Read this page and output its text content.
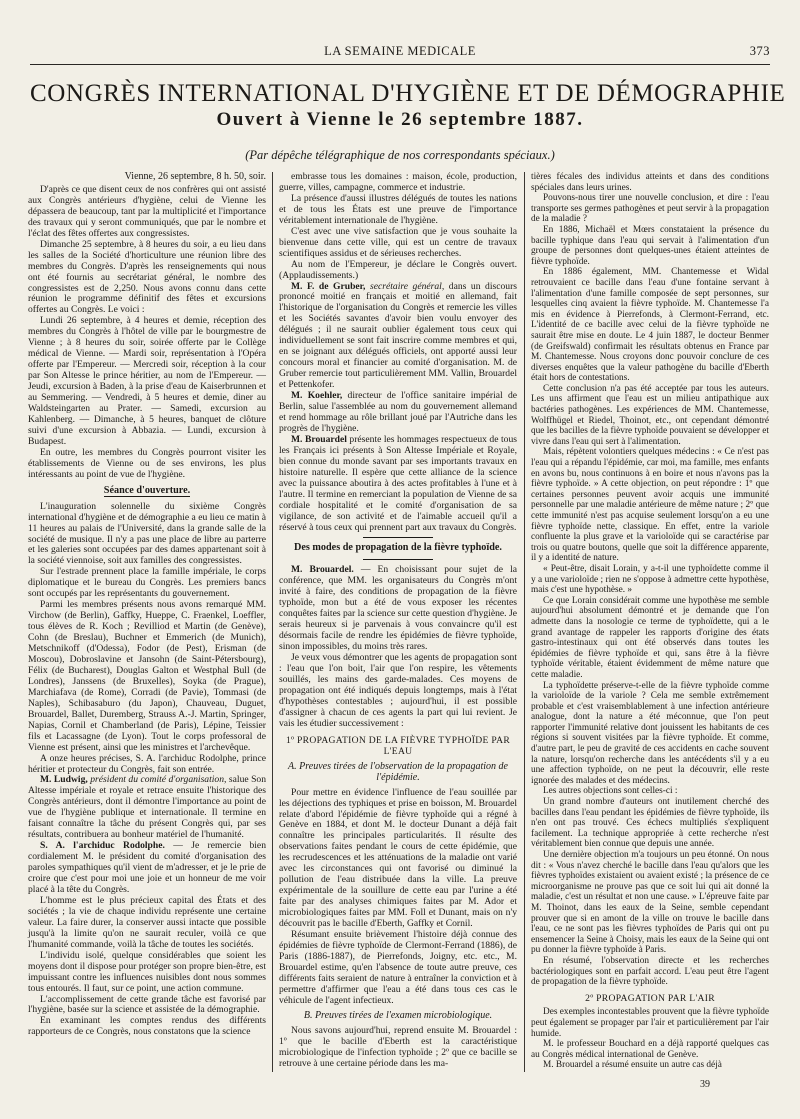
LA SEMAINE MEDICALE	373
CONGRÈS INTERNATIONAL D'HYGIÈNE ET DE DÉMOGRAPHIE
Ouvert à Vienne le 26 septembre 1887.
(Par dépêche télégraphique de nos correspondants spéciaux.)
Vienne, 26 septembre, 8 h. 50, soir.

D'après ce que disent ceux de nos confrères qui ont assisté aux Congrès antérieurs d'hygiène, celui de Vienne les dépassera de beaucoup, tant par la multiplicité et l'importance des travaux qui y seront communiqués, que par le nombre et l'éclat des fêtes offertes aux congressistes.

Dimanche 25 septembre, à 8 heures du soir, a eu lieu dans les salles de la Société d'horticulture une réunion libre des membres du Congrès. D'après les renseignements qui nous ont été fournis au secrétariat général, le nombre des congressistes est de 2,250. Nous avons connu dans cette réunion le programme définitif des fêtes et excursions offertes au Congrès. Le voici :

Lundi 26 septembre, à 4 heures et demie, réception des membres du Congrès à l'hôtel de ville par le bourgmestre de Vienne ; à 8 heures du soir, soirée offerte par le Collège médical de Vienne. — Mardi soir, représentation à l'Opéra offerte par l'Empereur. — Mercredi soir, réception à la cour par Son Altesse le prince héritier, au nom de l'Empereur. — Jeudi, excursion à Baden, à la prise d'eau de Kaiserbrunnen et au Semmering. — Vendredi, à 5 heures et demie, diner au Waldsteingarten au Prater. — Samedi, excursion au Kahlenberg. — Dimanche, à 5 heures, banquet de clôture suivi d'une excursion à Abbazia. — Lundi, excursion à Budapest.

En outre, les membres du Congrès pourront visiter les établissements de Vienne ou de ses environs, les plus intéressants au point de vue de l'hygiène.

Séance d'ouverture.

L'inauguration solennelle du sixième Congrès international d'hygiène et de démographie a eu lieu ce matin à 11 heures au palais de l'Université, dans la grande salle de la société de musique. Il n'y a pas une place de libre au parterre et les galeries sont occupées par des dames appartenant soit à la société viennoise, soit aux familles des congressistes.

Sur l'estrade prennent place la famille impériale, le corps diplomatique et le bureau du Congrès. Les premiers bancs sont occupés par les représentants du gouvernement.

Parmi les membres présents nous avons remarqué MM. Virchow (de Berlin), Gaffky, Hueppe, C. Fraenkel, Loeffler, tous élèves de R. Koch ; Revilliod et Martin (de Genève), Cohn (de Breslau), Buchner et Emmerich (de Munich), Metschnikoff (d'Odessa), Fodor (de Pest), Erisman (de Moscou), Dobroslavine et Jansohn (de Saint-Pétersbourg), Félix (de Bucharest), Douglas Galton et Westphal Bull (de Londres), Janssens (de Bruxelles), Soyka (de Prague), Marchiafava (de Rome), Corradi (de Pavie), Tommasi (de Naples), Schibasaburo (du Japon), Chauveau, Duguet, Brouardel, Ballet, Duremberg, Strauss A.-J. Martin, Springer, Napias, Cornil et Chamberland (de Paris), Lépine, Teissier fils et Lacassagne (de Lyon). Tout le corps professoral de Vienne est présent, ainsi que les ministres et l'archevêque.

A onze heures précises, S. A. l'archiduc Rodolphe, prince héritier et protecteur du Congrès, fait son entrée.

M. Ludwig, président du comité d'organisation, salue Son Altesse impériale et royale et retrace ensuite l'historique des Congrès antérieurs, dont il démontre l'importance au point de vue de l'hygiène publique et internationale. Il termine en faisant connaître la tâche du présent Congrès qui, par ses résultats, contribuera au bonheur matériel de l'humanité.

S. A. l'archiduc Rodolphe. — Je remercie bien cordialement M. le président du comité d'organisation des paroles sympathiques qu'il vient de m'adresser, et je le prie de croire que c'est pour moi une joie et un honneur de me voir placé à la tête du Congrès.

L'homme est le plus précieux capital des États et des sociétés ; la vie de chaque individu représente une certaine valeur. La faire durer, la conserver aussi intacte que possible jusqu'à la limite qu'on ne saurait reculer, voilà ce que l'humanité commande, voilà la tâche de toutes les sociétés.

L'individu isolé, quelque considérables que soient les moyens dont il dispose pour protéger son propre bien-être, est impuissant contre les influences nuisibles dont nous sommes tous entourés. Il faut, sur ce point, une action commune.

L'accomplissement de cette grande tâche est favorisé par l'hygiène, basée sur la science et assistée de la démographie.

En examinant les comptes rendus des différents rapporteurs de ce Congrès, nous constatons que la science

embrasse tous les domaines : maison, école, production, guerre, villes, campagne, commerce et industrie.

La présence d'aussi illustres délégués de toutes les nations et de tous les États est une preuve de l'importance véritablement internationale de l'hygiène.

C'est avec une vive satisfaction que je vous souhaite la bienvenue dans cette ville, qui est un centre de travaux scientifiques assidus et de sérieuses recherches.

Au nom de l'Empereur, je déclare le Congrès ouvert. (Applaudissements.)

M. F. de Gruber, secrétaire général, dans un discours prononcé moitié en français et moitié en allemand, fait l'historique de l'organisation du Congrès et remercie les villes et les Sociétés savantes d'avoir bien voulu envoyer des délégués ; il ne saurait oublier également tous ceux qui individuellement se sont fait inscrire comme membres et qui, en se joignant aux délégués officiels, ont apporté aussi leur concours moral et financier au comité d'organisation. M. de Gruber remercie tout particulièrement MM. Vallin, Brouardel et Pettenkofer.

M. Koehler, directeur de l'office sanitaire impérial de Berlin, salue l'assemblée au nom du gouvernement allemand et rend hommage au rôle brillant joué par l'Autriche dans les progrès de l'hygiène.

M. Brouardel présente les hommages respectueux de tous les Français ici présents à Son Altesse Impériale et Royale, bien connue du monde savant par ses importants travaux en histoire naturelle. Il espère que cette alliance de la science avec la puissance aboutira à des actes profitables à l'une et à l'autre. Il termine en remerciant la population de Vienne de sa cordiale hospitalité et le comité d'organisation de sa vigilance, de son activité et de l'aimable accueil qu'il a réservé à tous ceux qui prennent part aux travaux du Congrès.

Des modes de propagation de la fièvre typhoïde.

M. Brouardel. — En choisissant pour sujet de la conférence, que MM. les organisateurs du Congrès m'ont invité à faire, des conditions de propagation de la fièvre typhoïde, mon but a été de vous exposer les récentes conquêtes faites par la science sur cette question d'hygiène. Je serais heureux si je parvenais à vous convaincre qu'il est désormais facile de rendre les épidémies de fièvre typhoïde, sinon impossibles, du moins très rares.

Je veux vous démontrer que les agents de propagation sont : l'eau que l'on boit, l'air que l'on respire, les vêtements souillés, les mains des garde-malades. Ces moyens de propagation ont été indiqués depuis longtemps, mais à l'état d'hypothèses contestables ; aujourd'hui, il est possible d'assigner à chacun de ces agents la part qui lui revient. Je vais les étudier successivement :

1º PROPAGATION DE LA FIÈVRE TYPHOÏDE PAR L'EAU
A. Preuves tirées de l'observation de la propagation de l'épidémie.

Pour mettre en évidence l'influence de l'eau souillée par les déjections des typhiques et prise en boisson, M. Brouardel relate d'abord l'épidémie de fièvre typhoïde qui a régné à Genève en 1884, et dont M. le docteur Dunant a déjà fait connaître les principales particularités. Il résulte des observations faites pendant le cours de cette épidémie, que les recrudescences et les atténuations de la maladie ont varié avec les circonstances qui ont favorisé ou diminué la pollution de l'eau distribuée dans la ville. La preuve expérimentale de la souillure de cette eau par l'urine a été faite par des analyses chimiques faites par M. Ador et microbiologiques faites par MM. Foll et Dunant, mais on n'y découvrit pas le bacille d'Eberth, Gaffky et Cornil.

Résumant ensuite brièvement l'histoire déjà connue des épidémies de fièvre typhoïde de Clermont-Ferrand (1886), de Paris (1886-1887), de Pierrefonds, Joigny, etc. etc., M. Brouardel estime, qu'en l'absence de toute autre preuve, ces différents faits seraient de nature à entraîner la conviction et à permettre d'affirmer que l'eau a été dans tous ces cas le véhicule de l'agent infectieux.

B. Preuves tirées de l'examen microbiologique.

Nous savons aujourd'hui, reprend ensuite M. Brouardel : 1º que le bacille d'Eberth est la caractéristique microbiologique de l'infection typhoïde ; 2º que ce bacille se retrouve à une certaine période dans les ma-

tières fécales des individus atteints et dans des conditions spéciales dans leurs urines.

Pouvons-nous tirer une nouvelle conclusion, et dire : l'eau transporte ses germes pathogènes et peut servir à la propagation de la maladie ?

En 1886, Michaël et Mœrs constataient la présence du bacille typhique dans l'eau qui servait à l'alimentation d'un groupe de personnes dont quelques-unes étaient atteintes de fièvre typhoïde.

En 1886 également, MM. Chantemesse et Widal retrouvaient ce bacille dans l'eau d'une fontaine servant à l'alimentation d'une famille composée de sept personnes, sur lesquelles cinq avaient la fièvre typhoïde. M. Chantemesse l'a mis en évidence à Pierrefonds, à Clermont-Ferrand, etc. L'identité de ce bacille avec celui de la fièvre typhoïde ne saurait être mise en doute. Le 4 juin 1887, le docteur Benmer (de Greifswald) confirmait les résultats obtenus en France par M. Chantemesse. Nous croyons donc pouvoir conclure de ces diverses enquêtes que la valeur pathogène du bacille d'Eberth était hors de contestations.

Cette conclusion n'a pas été acceptée par tous les auteurs. Les uns affirment que l'eau est un milieu antipathique aux bactéries pathogènes. Les expériences de MM. Chantemesse, Wolffhügel et Riedel, Thoinot, etc., ont cependant démontré que les bacilles de la fièvre typhoïde pouvaient se développer et vivre dans l'eau qui sert à l'alimentation.

Mais, répètent volontiers quelques médecins : « Ce n'est pas l'eau qui a répandu l'épidémie, car moi, ma famille, mes enfants en avons bu, nous continuons à en boire et nous n'avons pas la fièvre typhoïde. » A cette objection, on peut répondre : 1º que certaines personnes peuvent avoir acquis une immunité personnelle par une maladie antérieure de même nature ; 2º que cette immunité n'est pas acquise seulement lorsqu'on a eu une fièvre typhoïde nette, classique. En effet, entre la variole confluente la plus grave et la varioloïde qui se caractérise par trois ou quatre boutons, quelle que soit la différence apparente, il y a identité de nature.

« Peut-être, disait Lorain, y a-t-il une typhoïdette comme il y a une varioloïde ; rien ne s'oppose à admettre cette hypothèse, mais c'est une hypothèse. »

Ce que Lorain considérait comme une hypothèse me semble aujourd'hui absolument démontré et je demande que l'on admette dans la nosologie ce terme de typhoïdette, qui a le grand avantage de rappeler les rapports d'origine des états gastro-intestinaux qui ont été observés dans toutes les épidémies de fièvre typhoïde et qui, sans être à la fièvre typhoïde véritable, étaient évidemment de même nature que cette maladie.

La typhoïdette préserve-t-elle de la fièvre typhoïde comme la varioloïde de la variole ? Cela me semble extrêmement probable et c'est vraisemblablement à une infection antérieure analogue, dont la nature a été méconnue, que l'on peut rapporter l'immunité relative dont jouissent les habitants de ces régions si souvent visitées par la fièvre typhoïde. Et comme, d'autre part, le peu de gravité de ces accidents en cache souvent la nature, lorsqu'on recherche dans les antécédents s'il y a eu une affection typhoïde, on ne peut la découvrir, elle reste ignorée des malades et des médecins.

Les autres objections sont celles-ci :

Un grand nombre d'auteurs ont inutilement cherché des bacilles dans l'eau pendant les épidémies de fièvre typhoïde, ils n'en ont pas trouvé. Ces échecs multipliés s'expliquent facilement. La technique appropriée à cette recherche n'est véritablement bien connue que depuis une année.

Une dernière objection m'a toujours un peu étonné. On nous dit : « Vous n'avez cherché le bacille dans l'eau qu'alors que les fièvres typhoïdes existaient ou avaient existé ; la présence de ce microorganisme ne prouve pas que ce soit lui qui ait donné la maladie, c'est un résultat et non une cause. » L'épreuve faite par M. Thoinot, dans les eaux de la Seine, semble cependant prouver que si en amont de la ville on trouve le bacille dans l'eau, ce ne sont pas les fièvres typhoïdes de Paris qui ont pu ensemencer la Seine à Choisy, mais les eaux de la Seine qui ont pu donner la fièvre typhoïde à Paris.

En résumé, l'observation directe et les recherches bactériologiques sont en parfait accord. L'eau peut être l'agent de propagation de la fièvre typhoïde.

2º PROPAGATION PAR L'AIR

Des exemples incontestables prouvent que la fièvre typhoïde peut également se propager par l'air et particulièrement par l'air humide.

M. le professeur Bouchard en a déjà rapporté quelques cas au Congrès médical international de Genève.

M. Brouardel a résumé ensuite un autre cas déjà

39
